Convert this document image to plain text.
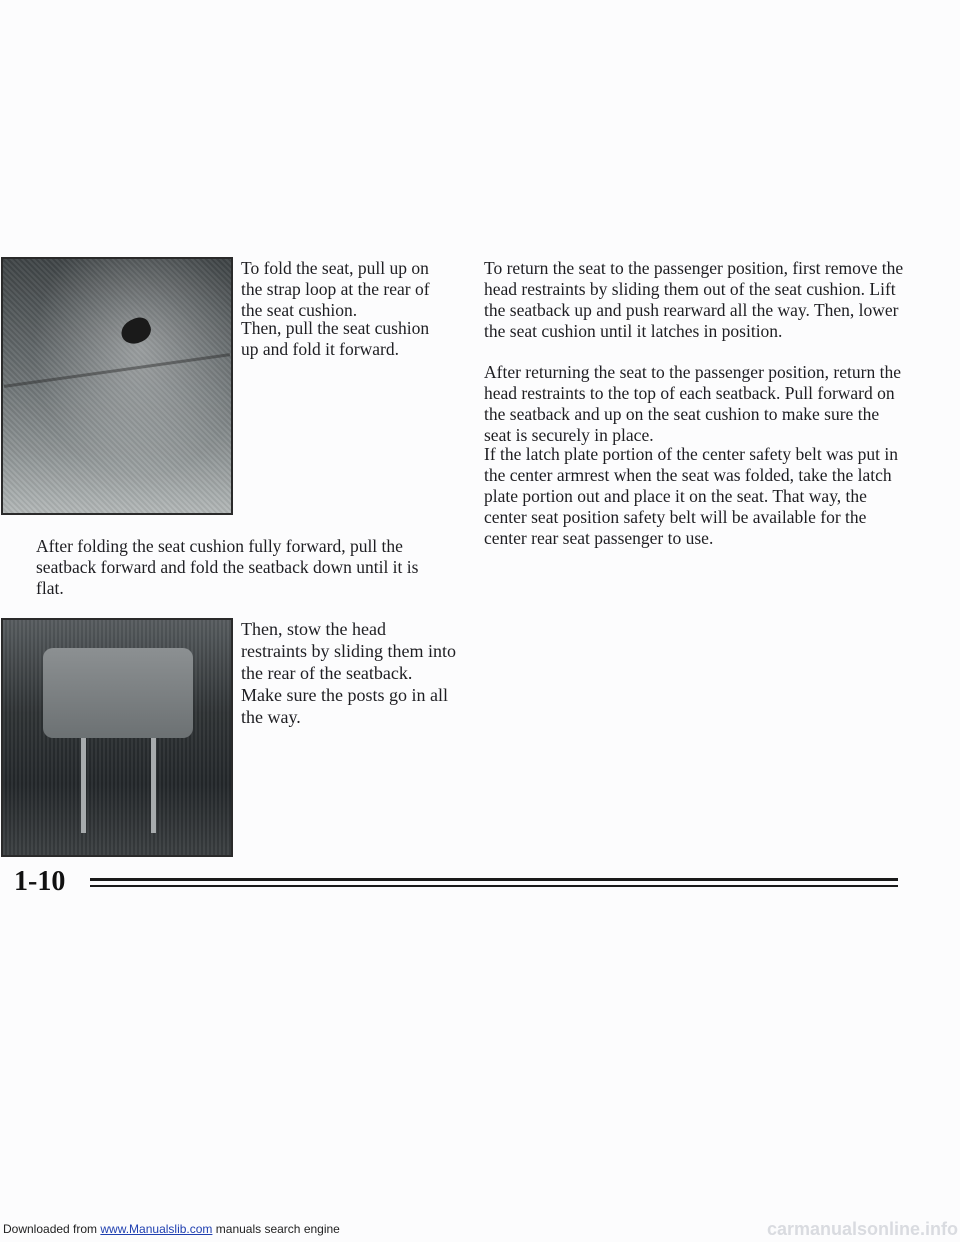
To fold the seat, pull up on the strap loop at the rear of the seat cushion.

Then, pull the seat cushion up and fold it forward.

After folding the seat cushion fully forward, pull the seatback forward and fold the seatback down until it is flat.

Then, stow the head restraints by sliding them into the rear of the seatback. Make sure the posts go in all the way.

To return the seat to the passenger position, first remove the head restraints by sliding them out of the seat cushion. Lift the seatback up and push rearward all the way. Then, lower the seat cushion until it latches in position.

After returning the seat to the passenger position, return the head restraints to the top of each seatback. Pull forward on the seatback and up on the seat cushion to make sure the seat is securely in place.

If the latch plate portion of the center safety belt was put in the center armrest when the seat was folded, take the latch plate portion out and place it on the seat. That way, the center seat position safety belt will be available for the center rear seat passenger to use.

1-10
Downloaded from www.Manualslib.com manuals search engine	carmanualsonline.info
